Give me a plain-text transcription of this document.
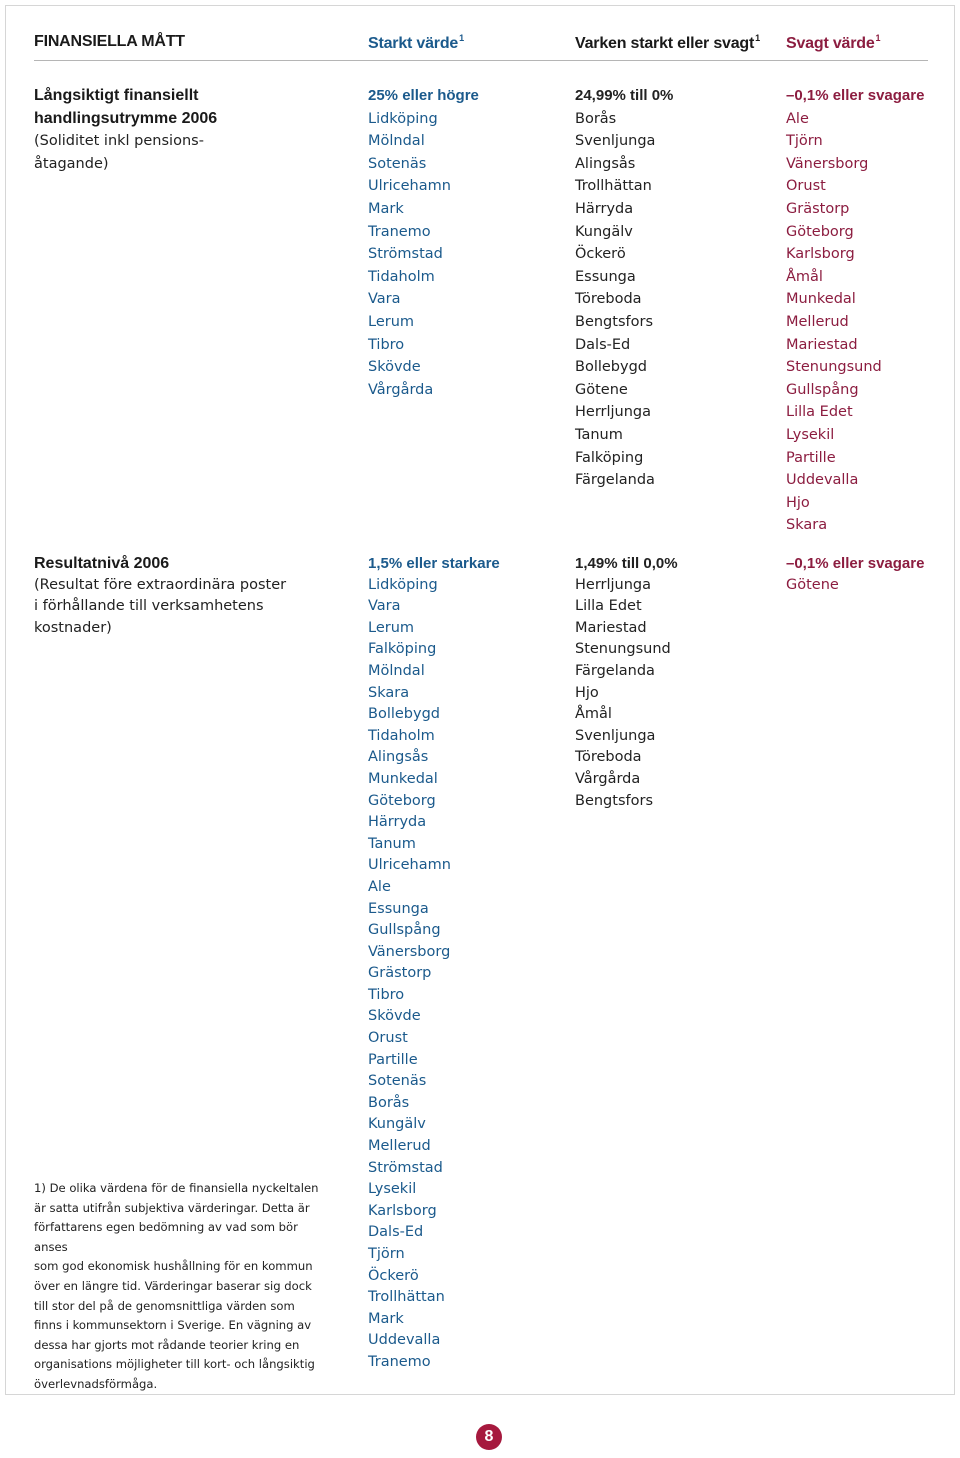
FINANSIELLA MÅTT	Starkt värde$^1$	Varken starkt eller svagt$^1$ Svagt värde$^1$
Långsiktigt finansiellt
handlingsutrymme 2006
(Soliditet inkl pensions-
åtagande)
25% eller högre
Lidköping
Mölndal
Sotenäs
Ulricehamn
Mark
Tranemo
Strömstad
Tidaholm
Vara
Lerum
Tibro
Skövde
Vårgårda
24,99% till 0%
Borås
Svenljunga
Alingsås
Trollhättan
Härryda
Kungälv
Öckerö
Essunga
Töreboda
Bengtsfors
Dals-Ed
Bollebygd
Götene
Herrljunga
Tanum
Falköping
Färgelanda
–0,1% eller svagare
Ale
Tjörn
Vänersborg
Orust
Grästorp
Göteborg
Karlsborg
Åmål
Munkedal
Mellerud
Mariestad
Stenungsund
Gullspång
Lilla Edet
Lysekil
Partille
Uddevalla
Hjo
Skara
Resultatnivå 2006
(Resultat före extraordinära poster
i förhållande till verksamhetens
kostnader)
1,5% eller starkare
Lidköping
Vara
Lerum
Falköping
Mölndal
Skara
Bollebygd
Tidaholm
Alingsås
Munkedal
Göteborg
Härryda
Tanum
Ulricehamn
Ale
Essunga
Gullspång
Vänersborg
Grästorp
Tibro
Skövde
Orust
Partille
Sotenäs
Borås
Kungälv
Mellerud
Strömstad
Lysekil
Karlsborg
Dals-Ed
Tjörn
Öckerö
Trollhättan
Mark
Uddevalla
Tranemo
1,49% till 0,0%
Herrljunga
Lilla Edet
Mariestad
Stenungsund
Färgelanda
Hjo
Åmål
Svenljunga
Töreboda
Vårgårda
Bengtsfors
–0,1% eller svagare
Götene
1) De olika värdena för de finansiella nyckeltalen
är satta utifrån subjektiva värderingar. Detta är
författarens egen bedömning av vad som bör anses
som god ekonomisk hushållning för en kommun
över en längre tid. Värderingar baserar sig dock
till stor del på de genomsnittliga värden som
finns i kommunsektorn i Sverige. En vägning av
dessa har gjorts mot rådande teorier kring en
organisations möjligheter till kort- och långsiktig
överlevnadsförmåga.
8
